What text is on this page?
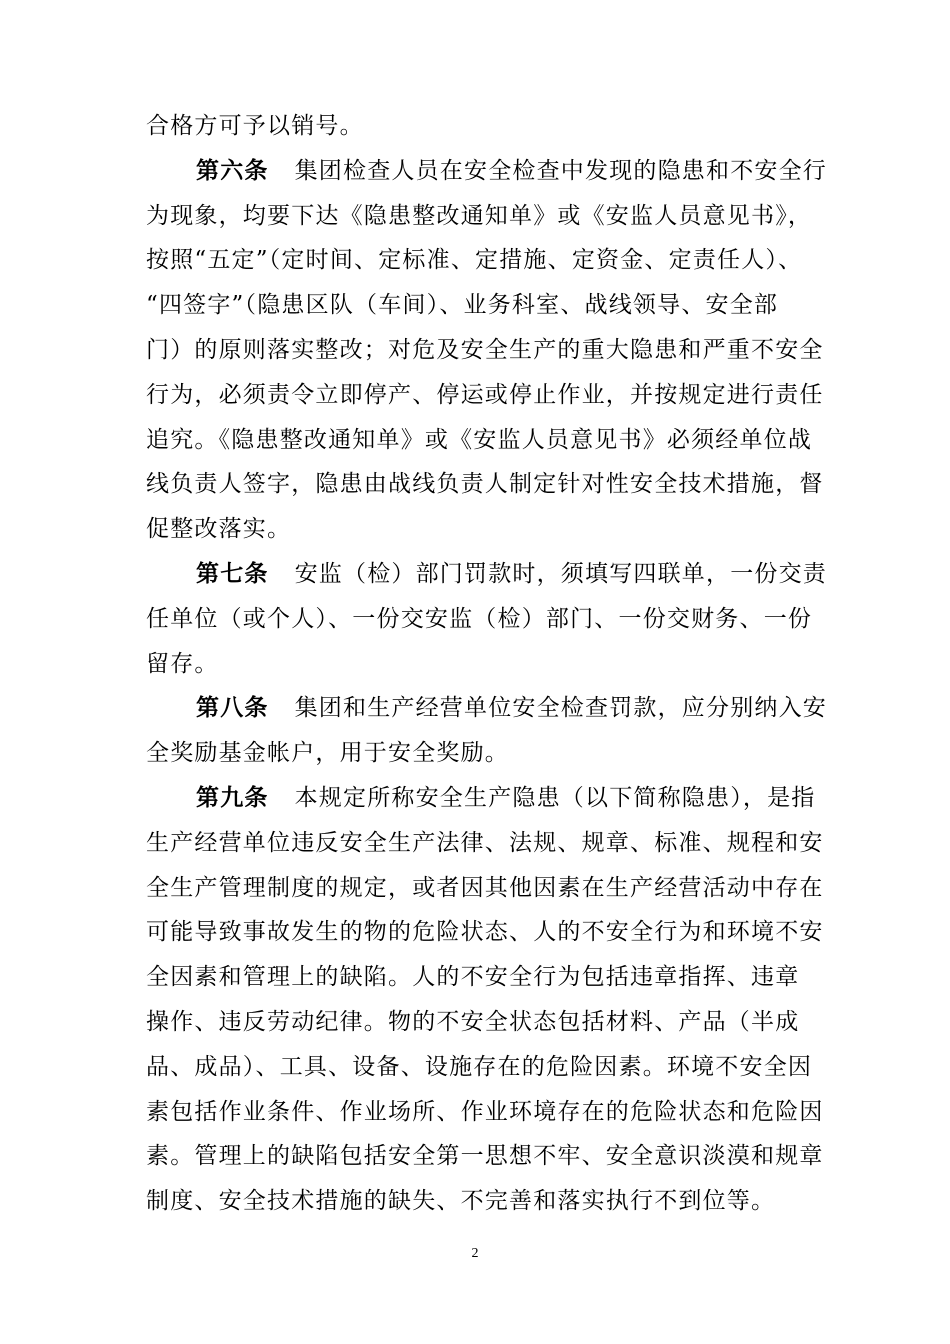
合格方可予以销号。
第六条 集团检查人员在安全检查中发现的隐患和不安全行
为现象，均要下达《隐患整改通知单》或《安监人员意见书》，
按照“五定”（定时间、定标准、定措施、定资金、定责任人）、
“四签字”（隐患区队（车间）、业务科室、战线领导、安全部
门）的原则落实整改；对危及安全生产的重大隐患和严重不安全
行为，必须责令立即停产、停运或停止作业，并按规定进行责任
追究。《隐患整改通知单》或《安监人员意见书》必须经单位战
线负责人签字，隐患由战线负责人制定针对性安全技术措施，督
促整改落实。
第七条 安监（检）部门罚款时，须填写四联单，一份交责
任单位（或个人）、一份交安监（检）部门、一份交财务、一份
留存。
第八条 集团和生产经营单位安全检查罚款，应分别纳入安
全奖励基金帐户，用于安全奖励。
第九条 本规定所称安全生产隐患（以下简称隐患），是指
生产经营单位违反安全生产法律、法规、规章、标准、规程和安
全生产管理制度的规定，或者因其他因素在生产经营活动中存在
可能导致事故发生的物的危险状态、人的不安全行为和环境不安
全因素和管理上的缺陷。人的不安全行为包括违章指挥、违章
操作、违反劳动纪律。物的不安全状态包括材料、产品（半成
品、成品）、工具、设备、设施存在的危险因素。环境不安全因
素包括作业条件、作业场所、作业环境存在的危险状态和危险因
素。管理上的缺陷包括安全第一思想不牢、安全意识淡漠和规章
制度、安全技术措施的缺失、不完善和落实执行不到位等。
2
